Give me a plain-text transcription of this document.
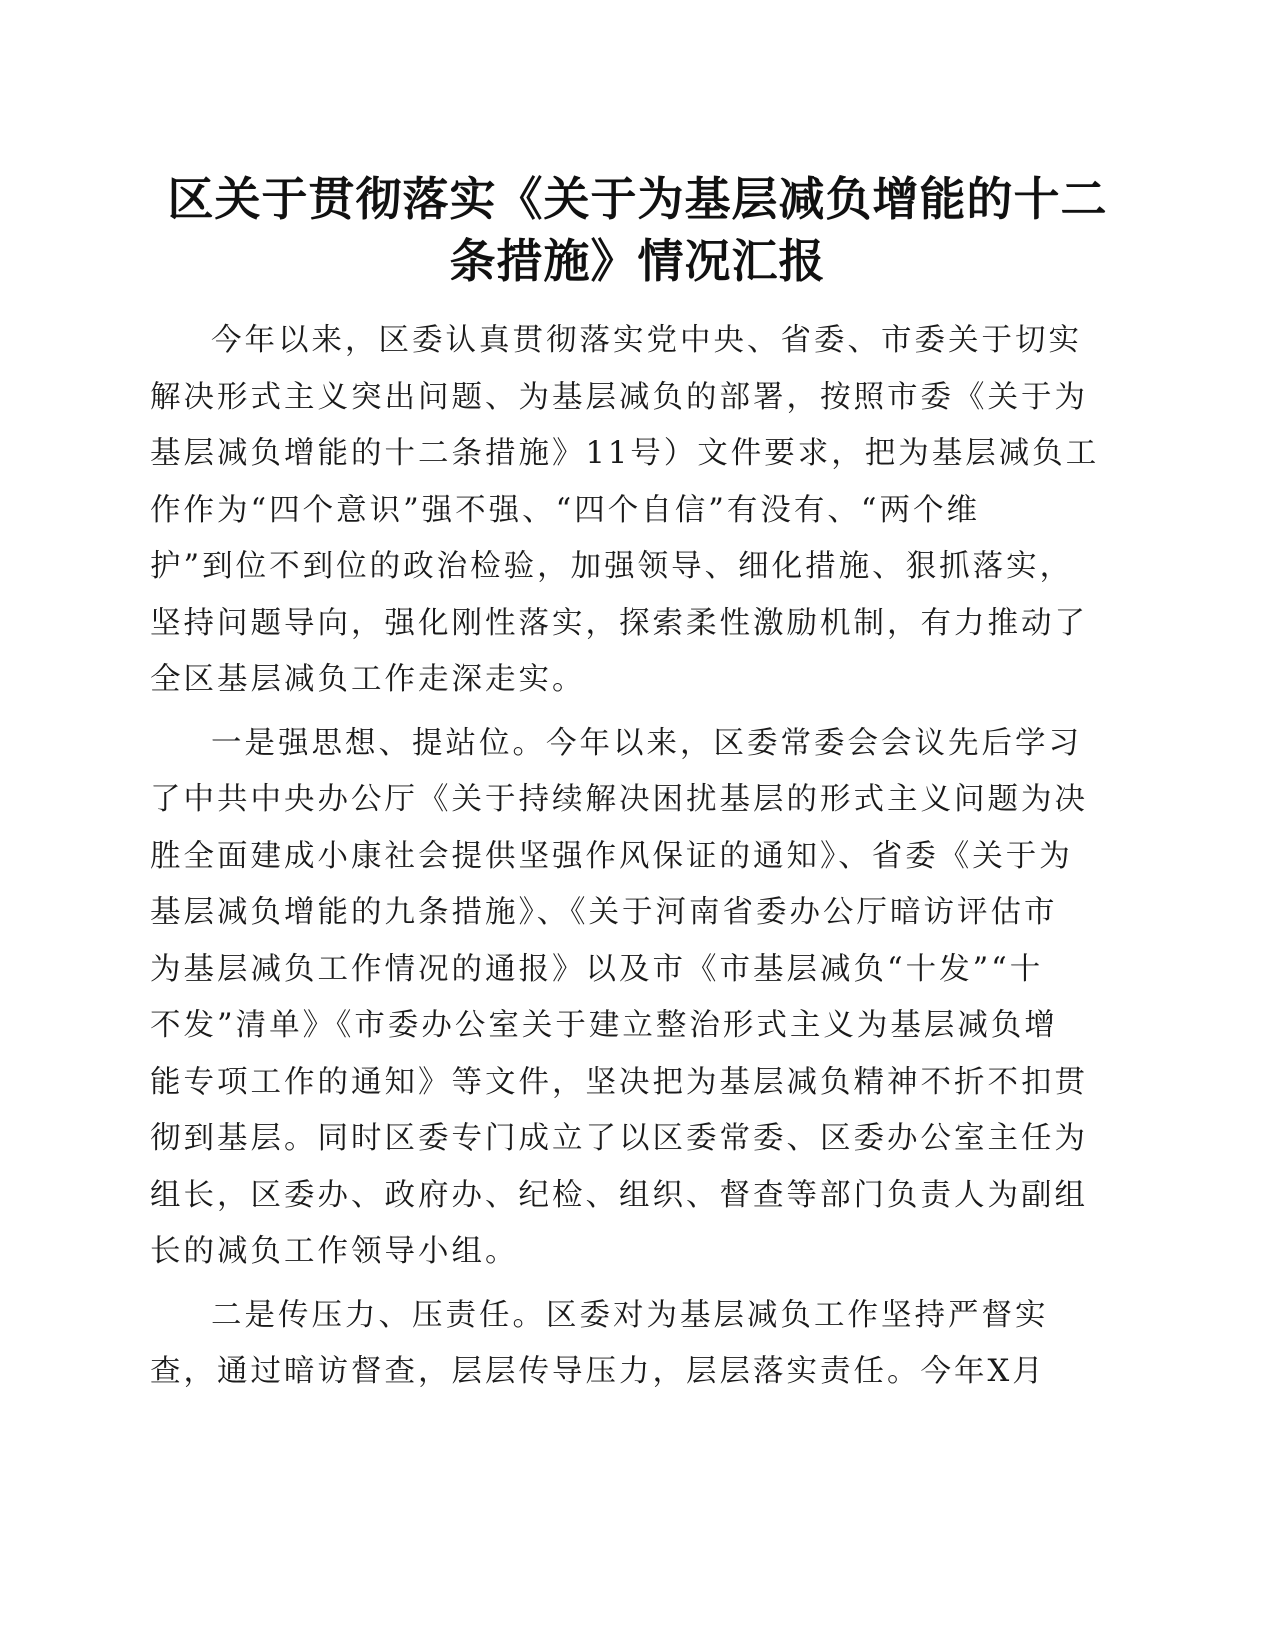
区关于贯彻落实《关于为基层减负增能的十二
条措施》情况汇报

今年以来，区委认真贯彻落实党中央、省委、市委关于切实
解决形式主义突出问题、为基层减负的部署，按照市委《关于为
基层减负增能的十二条措施》11号）文件要求，把为基层减负工
作作为“四个意识”强不强、“四个自信”有没有、“两个维
护”到位不到位的政治检验，加强领导、细化措施、狠抓落实，
坚持问题导向，强化刚性落实，探索柔性激励机制，有力推动了
全区基层减负工作走深走实。

一是强思想、提站位。今年以来，区委常委会会议先后学习
了中共中央办公厅《关于持续解决困扰基层的形式主义问题为决
胜全面建成小康社会提供坚强作风保证的通知》、省委《关于为
基层减负增能的九条措施》、《关于河南省委办公厅暗访评估市
为基层减负工作情况的通报》以及市《市基层减负“十发”“十
不发”清单》《市委办公室关于建立整治形式主义为基层减负增
能专项工作的通知》等文件，坚决把为基层减负精神不折不扣贯
彻到基层。同时区委专门成立了以区委常委、区委办公室主任为
组长，区委办、政府办、纪检、组织、督查等部门负责人为副组
长的减负工作领导小组。

二是传压力、压责任。区委对为基层减负工作坚持严督实
查，通过暗访督查，层层传导压力，层层落实责任。今年X月
